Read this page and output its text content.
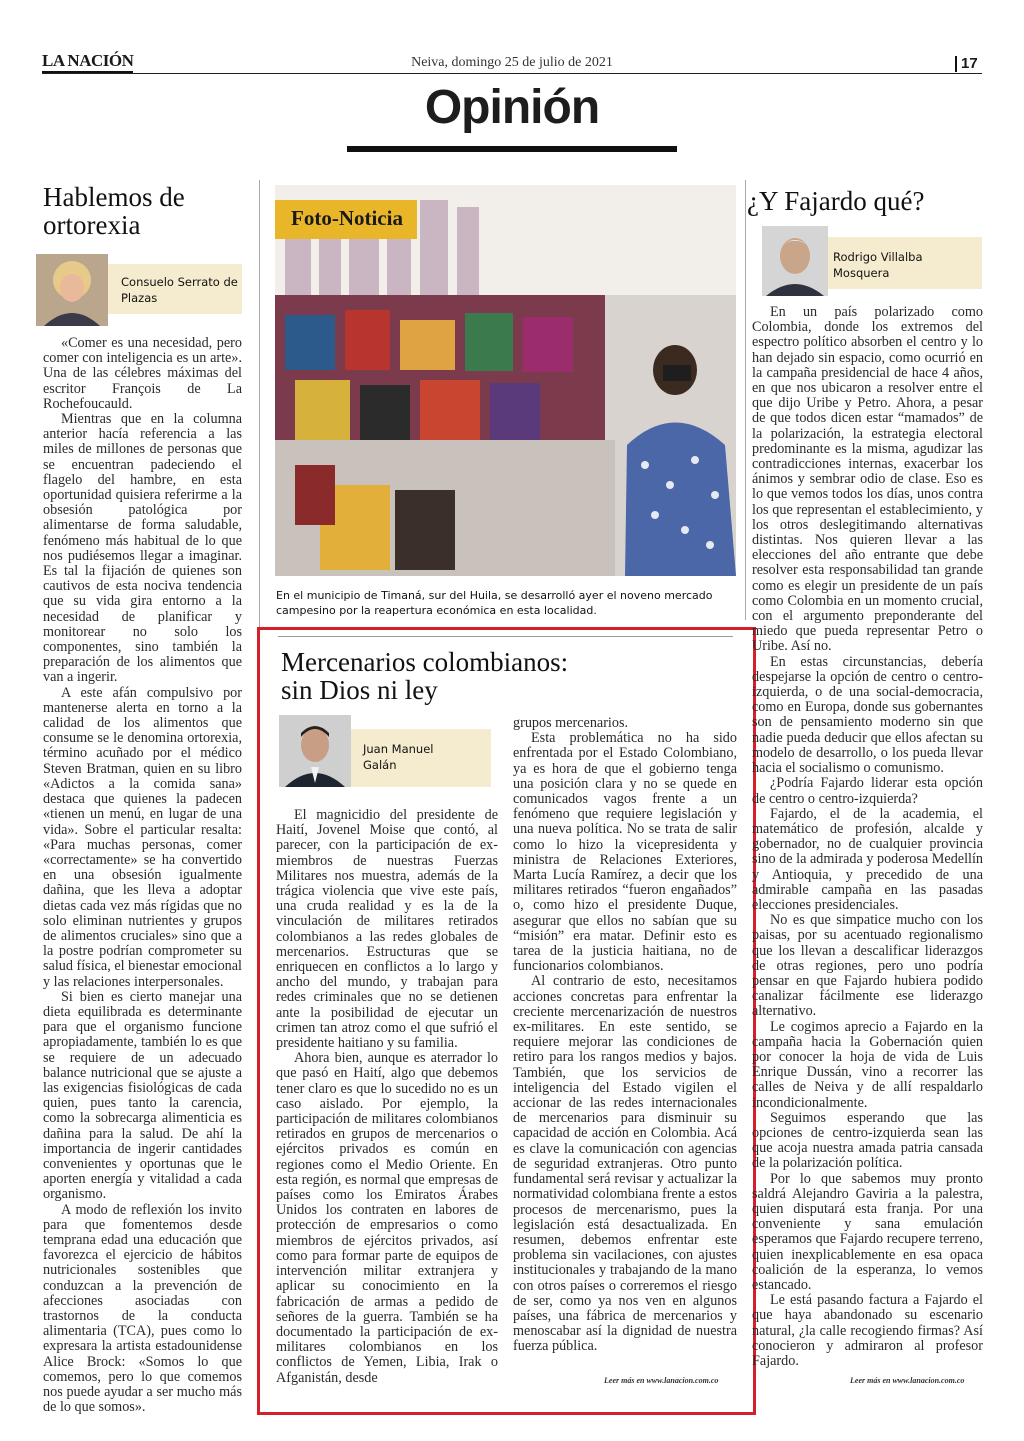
LA NACIÓN	Neiva, domingo 25 de julio de 2021	17
Opinión
Hablemos de ortorexia
Consuelo Serrato de Plazas

«Comer es una necesidad, pero comer con inteligencia es un arte». Una de las célebres máximas del escritor François de La Rochefoucauld.

Mientras que en la columna anterior hacía referencia a las miles de millones de personas que se encuentran padeciendo el flagelo del hambre, en esta oportunidad quisiera referirme a la obsesión patológica por alimentarse de forma saludable, fenómeno más habitual de lo que nos pudiésemos llegar a imaginar. Es tal la fijación de quienes son cautivos de esta nociva tendencia que su vida gira entorno a la necesidad de planificar y monitorear no solo los componentes, sino también la preparación de los alimentos que van a ingerir.

A este afán compulsivo por mantenerse alerta en torno a la calidad de los alimentos que consume se le denomina ortorexia, término acuñado por el médico Steven Bratman, quien en su libro «Adictos a la comida sana» destaca que quienes la padecen «tienen un menú, en lugar de una vida». Sobre el particular resalta: «Para muchas personas, comer «correctamente» se ha convertido en una obsesión igualmente dañina, que les lleva a adoptar dietas cada vez más rígidas que no solo eliminan nutrientes y grupos de alimentos cruciales» sino que a la postre podrían comprometer su salud física, el bienestar emocional y las relaciones interpersonales.

Si bien es cierto manejar una dieta equilibrada es determinante para que el organismo funcione apropiadamente, también lo es que se requiere de un adecuado balance nutricional que se ajuste a las exigencias fisiológicas de cada quien, pues tanto la carencia, como la sobrecarga alimenticia es dañina para la salud. De ahí la importancia de ingerir cantidades convenientes y oportunas que le aporten energía y vitalidad a cada organismo.

A modo de reflexión los invito para que fomentemos desde temprana edad una educación que favorezca el ejercicio de hábitos nutricionales sostenibles que conduzcan a la prevención de afecciones asociadas con trastornos de la conducta alimentaria (TCA), pues como lo expresara la artista estadounidense Alice Brock: «Somos lo que comemos, pero lo que comemos nos puede ayudar a ser mucho más de lo que somos».

Foto-Noticia
En el municipio de Timaná, sur del Huila, se desarrolló ayer el noveno mercado campesino por la reapertura económica en esta localidad.
Mercenarios colombianos:
sin Dios ni ley
Juan Manuel Galán

El magnicidio del presidente de Haití, Jovenel Moise que contó, al parecer, con la participación de ex-miembros de nuestras Fuerzas Militares nos muestra, además de la trágica violencia que vive este país, una cruda realidad y es la de la vinculación de militares retirados colombianos a las redes globales de mercenarios. Estructuras que se enriquecen en conflictos a lo largo y ancho del mundo, y trabajan para redes criminales que no se detienen ante la posibilidad de ejecutar un crimen tan atroz como el que sufrió el presidente haitiano y su familia.

Ahora bien, aunque es aterrador lo que pasó en Haití, algo que debemos tener claro es que lo sucedido no es un caso aislado. Por ejemplo, la participación de militares colombianos retirados en grupos de mercenarios o ejércitos privados es común en regiones como el Medio Oriente. En esta región, es normal que empresas de países como los Emiratos Árabes Unidos los contraten en labores de protección de empresarios o como miembros de ejércitos privados, así como para formar parte de equipos de intervención militar extranjera y aplicar su conocimiento en la fabricación de armas a pedido de señores de la guerra. También se ha documentado la participación de ex-militares colombianos en los conflictos de Yemen, Libia, Irak o Afganistán, desde

grupos mercenarios.

Esta problemática no ha sido enfrentada por el Estado Colombiano, ya es hora de que el gobierno tenga una posición clara y no se quede en comunicados vagos frente a un fenómeno que requiere legislación y una nueva política. No se trata de salir como lo hizo la vicepresidenta y ministra de Relaciones Exteriores, Marta Lucía Ramírez, a decir que los militares retirados “fueron engañados” o, como hizo el presidente Duque, asegurar que ellos no sabían que su “misión” era matar. Definir esto es tarea de la justicia haitiana, no de funcionarios colombianos.

Al contrario de esto, necesitamos acciones concretas para enfrentar la creciente mercenarización de nuestros ex-militares. En este sentido, se requiere mejorar las condiciones de retiro para los rangos medios y bajos. También, que los servicios de inteligencia del Estado vigilen el accionar de las redes internacionales de mercenarios para disminuir su capacidad de acción en Colombia. Acá es clave la comunicación con agencias de seguridad extranjeras. Otro punto fundamental será revisar y actualizar la normatividad colombiana frente a estos procesos de mercenarismo, pues la legislación está desactualizada. En resumen, debemos enfrentar este problema sin vacilaciones, con ajustes institucionales y trabajando de la mano con otros países o correremos el riesgo de ser, como ya nos ven en algunos países, una fábrica de mercenarios y menoscabar así la dignidad de nuestra fuerza pública.

Leer más en www.lanacion.com.co
¿Y Fajardo qué?
Rodrigo Villalba Mosquera

En un país polarizado como Colombia, donde los extremos del espectro político absorben el centro y lo han dejado sin espacio, como ocurrió en la campaña presidencial de hace 4 años, en que nos ubicaron a resolver entre el que dijo Uribe y Petro. Ahora, a pesar de que todos dicen estar “mamados” de la polarización, la estrategia electoral predominante es la misma, agudizar las contradicciones internas, exacerbar los ánimos y sembrar odio de clase. Eso es lo que vemos todos los días, unos contra los que representan el establecimiento, y los otros deslegitimando alternativas distintas. Nos quieren llevar a las elecciones del año entrante que debe resolver esta responsabilidad tan grande como es elegir un presidente de un país como Colombia en un momento crucial, con el argumento preponderante del miedo que pueda representar Petro o Uribe. Así no.

En estas circunstancias, debería despejarse la opción de centro o centro-izquierda, o de una social-democracia, como en Europa, donde sus gobernantes son de pensamiento moderno sin que nadie pueda deducir que ellos afectan su modelo de desarrollo, o los pueda llevar hacia el socialismo o comunismo.

¿Podría Fajardo liderar esta opción de centro o centro-izquierda?

Fajardo, el de la academia, el matemático de profesión, alcalde y gobernador, no de cualquier provincia sino de la admirada y poderosa Medellín y Antioquia, y precedido de una admirable campaña en las pasadas elecciones presidenciales.

No es que simpatice mucho con los paisas, por su acentuado regionalismo que los llevan a descalificar liderazgos de otras regiones, pero uno podría pensar en que Fajardo hubiera podido canalizar fácilmente ese liderazgo alternativo.

Le cogimos aprecio a Fajardo en la campaña hacia la Gobernación quien por conocer la hoja de vida de Luis Enrique Dussán, vino a recorrer las calles de Neiva y de allí respaldarlo incondicionalmente.

Seguimos esperando que las opciones de centro-izquierda sean las que acoja nuestra amada patria cansada de la polarización política.

Por lo que sabemos muy pronto saldrá Alejandro Gaviria a la palestra, quien disputará esta franja. Por una conveniente y sana emulación esperamos que Fajardo recupere terreno, quien inexplicablemente en esa opaca coalición de la esperanza, lo vemos estancado.

Le está pasando factura a Fajardo el que haya abandonado su escenario natural, ¿la calle recogiendo firmas? Así conocieron y admiraron al profesor Fajardo.

Leer más en www.lanacion.com.co
